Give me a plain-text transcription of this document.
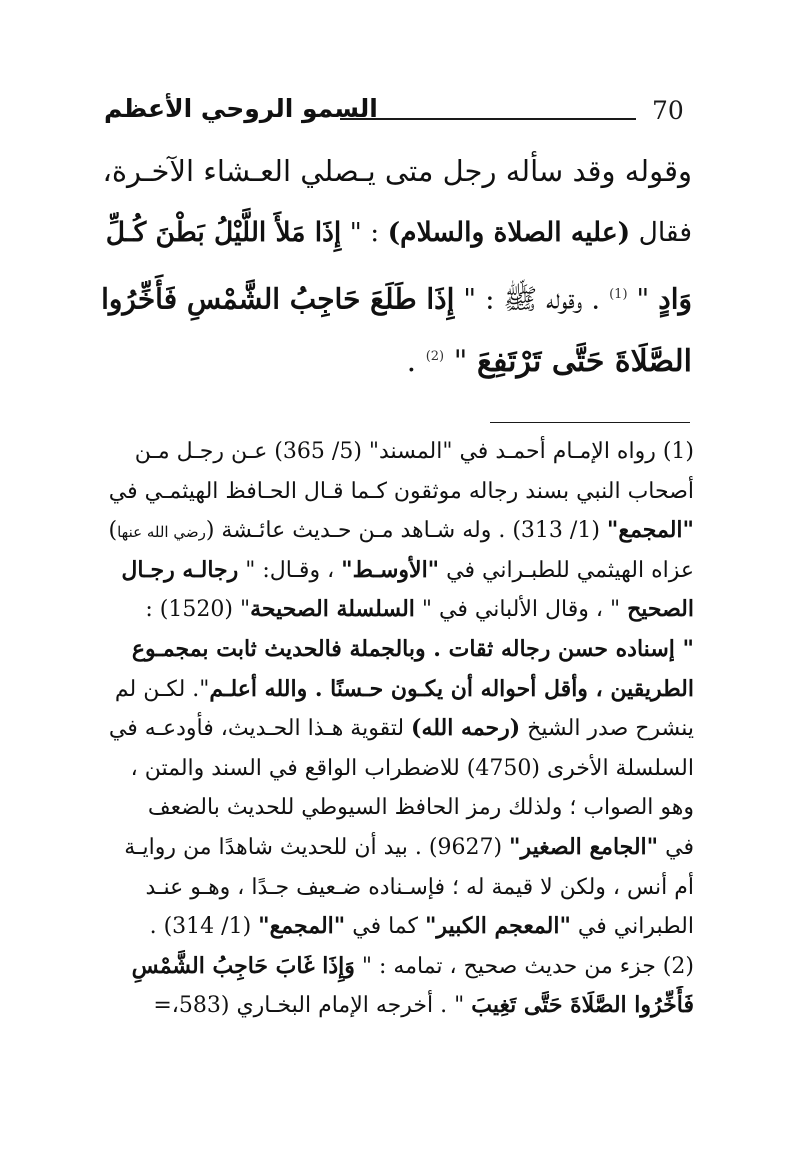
70
السمو الروحي الأعظم
وقوله وقد سأله رجل متى يـصلي العـشاء الآخـرة،
فقال (عليه الصلاة والسلام) : " إِذَا مَلأَ اللَّيْلُ بَطْنَ كُـلِّ
وَادٍ " $^{(1)}$ . وقوله ﷺ : " إِذَا طَلَعَ حَاجِبُ الشَّمْسِ فَأَخِّرُوا
الصَّلَاةَ حَتَّى تَرْتَفِعَ " $^{(2)}$ .
(1) رواه الإمـام أحمـد في "المسند" (5/ 365) عـن رجـل مـن
أصحاب النبي بسند رجاله موثقون كـما قـال الحـافظ الهيثمـي في
"المجمع" (1/ 313) . وله شـاهد مـن حـديث عائـشة (رضي الله عنها)
عزاه الهيثمي للطبـراني في "الأوسـط" ، وقـال: " رجالـه رجـال
الصحيح " ، وقال الألباني في " السلسلة الصحيحة" (1520) :
" إسناده حسن رجاله ثقات . وبالجملة فالحديث ثابت بمجمـوع
الطريقين ، وأقل أحواله أن يكـون حـسنًا . والله أعلـم". لكـن لم
ينشرح صدر الشيخ (رحمه الله) لتقوية هـذا الحـديث، فأودعـه في
السلسلة الأخرى (4750) للاضطراب الواقع في السند والمتن ،
وهو الصواب ؛ ولذلك رمز الحافظ السيوطي للحديث بالضعف
في "الجامع الصغير" (9627) . بيد أن للحديث شاهدًا من روايـة
أم أنس ، ولكن لا قيمة له ؛ فإسـناده ضـعيف جـدًا ، وهـو عنـد
الطبراني في "المعجم الكبير" كما في "المجمع" (1/ 314) .
(2) جزء من حديث صحيح ، تمامه : " وَإِذَا غَابَ حَاجِبُ الشَّمْسِ
فَأَخِّرُوا الصَّلَاةَ حَتَّى تَغِيبَ " . أخرجه الإمام البخـاري (583،=
